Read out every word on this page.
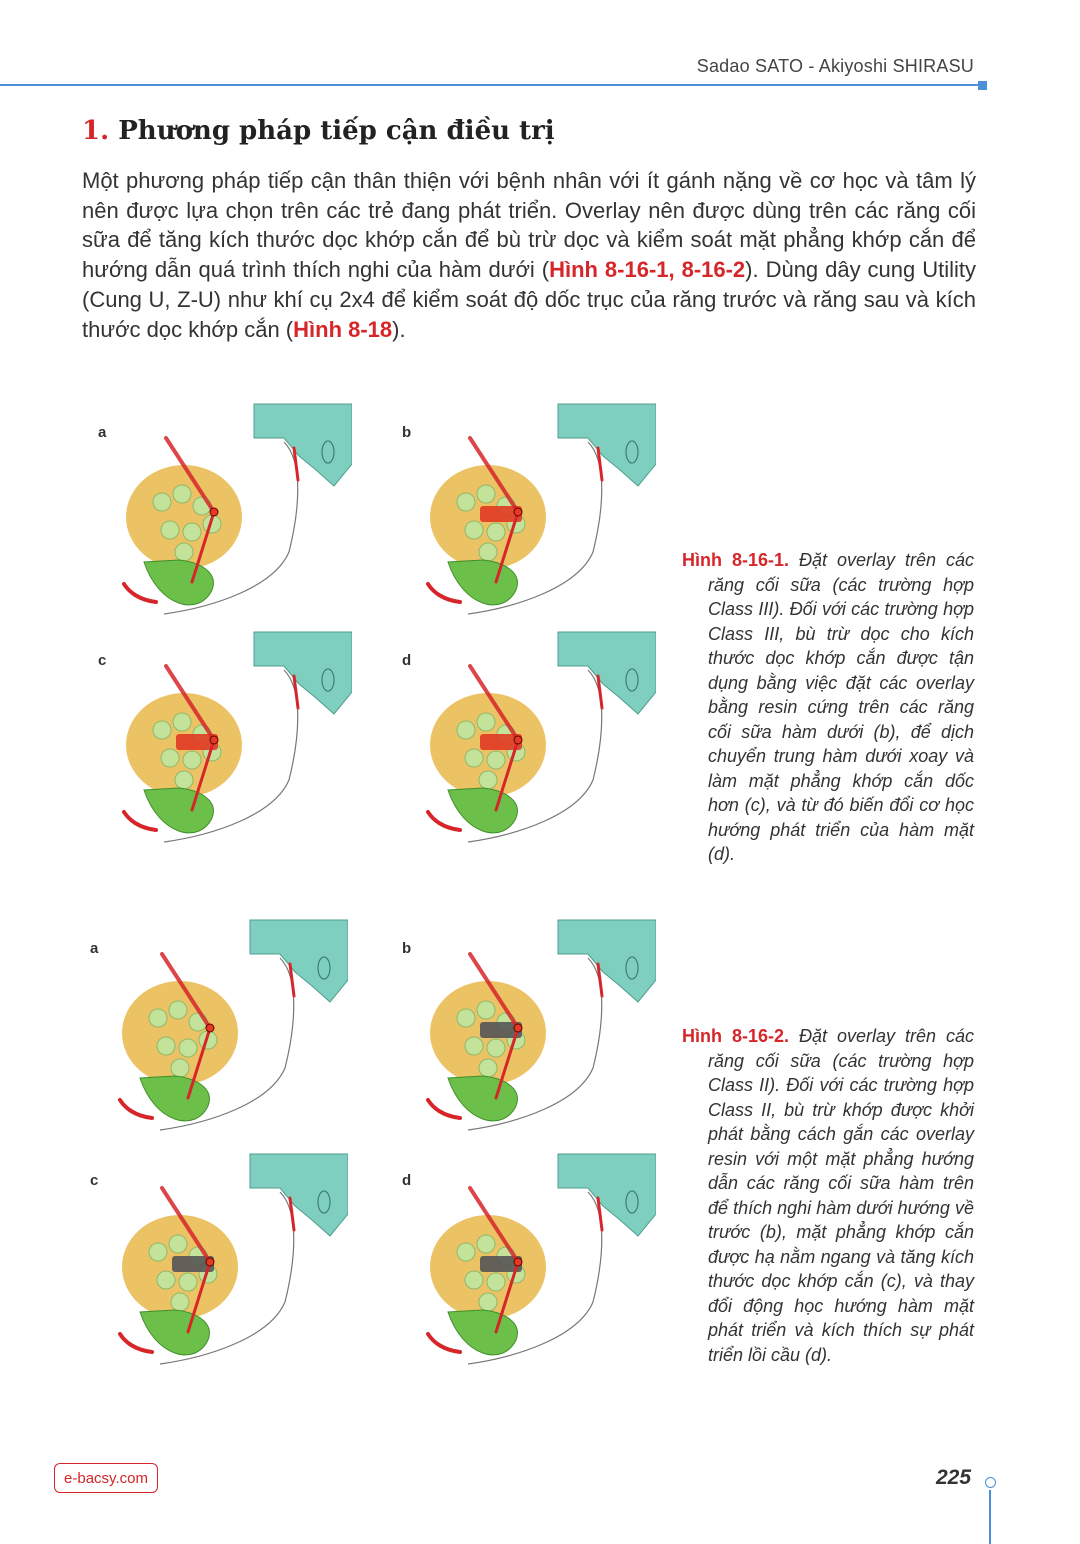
Sadao SATO - Akiyoshi SHIRASU
1. Phương pháp tiếp cận điều trị
Một phương pháp tiếp cận thân thiện với bệnh nhân với ít gánh nặng về cơ học và tâm lý nên được lựa chọn trên các trẻ đang phát triển. Overlay nên được dùng trên các răng cối sữa để tăng kích thước dọc khớp cắn để bù trừ dọc và kiểm soát mặt phẳng khớp cắn để hướng dẫn quá trình thích nghi của hàm dưới (Hình 8-16-1, 8-16-2). Dùng dây cung Utility (Cung U, Z-U) như khí cụ 2x4 để kiểm soát độ dốc trục của răng trước và răng sau và kích thước dọc khớp cắn (Hình 8-18).
a	b
c	d
Hình 8-16-1. Đặt overlay trên các răng cối sữa (các trường hợp Class III). Đối với các trường hợp Class III, bù trừ dọc cho kích thước dọc khớp cắn được tận dụng bằng việc đặt các overlay bằng resin cứng trên các răng cối sữa hàm dưới (b), để dịch chuyển trung hàm dưới xoay và làm mặt phẳng khớp cắn dốc hơn (c), và từ đó biến đổi cơ học hướng phát triển của hàm mặt (d).
a	b
c	d
Hình 8-16-2. Đặt overlay trên các răng cối sữa (các trường hợp Class II). Đối với các trường hợp Class II, bù trừ khớp được khởi phát bằng cách gắn các overlay resin với một mặt phẳng hướng dẫn các răng cối sữa hàm trên để thích nghi hàm dưới hướng về trước (b), mặt phẳng khớp cắn được hạ nằm ngang và tăng kích thước dọc khớp cắn (c), và thay đổi động học hướng hàm mặt phát triển và kích thích sự phát triển lồi cầu (d).
e-bacsy.com	225
